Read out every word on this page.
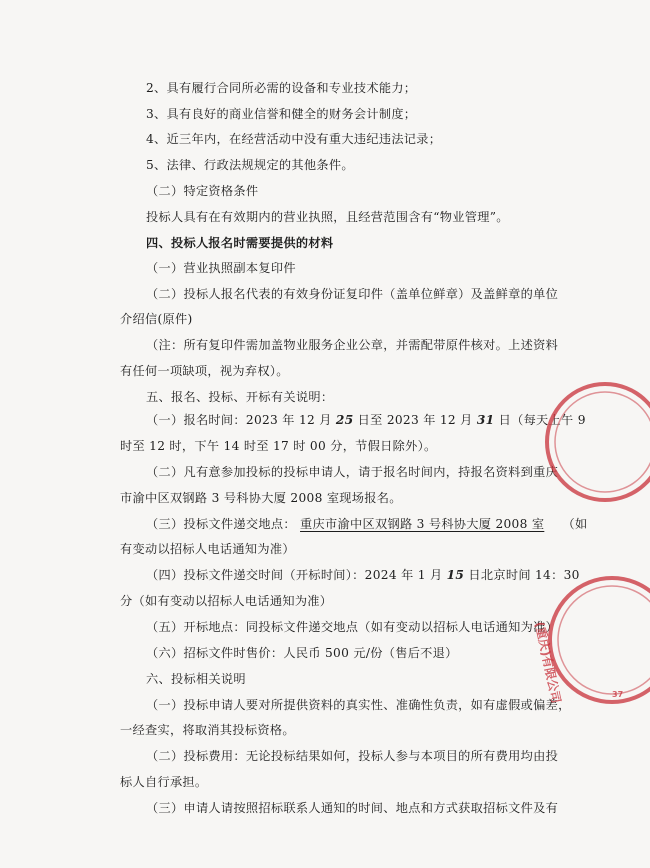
2、具有履行合同所必需的设备和专业技术能力；
3、具有良好的商业信誉和健全的财务会计制度；
4、近三年内，在经营活动中没有重大违纪违法记录；
5、法律、行政法规规定的其他条件。
（二）特定资格条件
投标人具有在有效期内的营业执照，且经营范围含有“物业管理”。
四、投标人报名时需要提供的材料
（一）营业执照副本复印件
（二）投标人报名代表的有效身份证复印件（盖单位鲜章）及盖鲜章的单位
介绍信(原件)
（注：所有复印件需加盖物业服务企业公章，并需配带原件核对。上述资料
有任何一项缺项，视为弃权）。
五、报名、投标、开标有关说明：
（一）报名时间：2023 年 12 月 25 日至 2023 年 12 月 31 日（每天上午 9
时至 12 时，下午 14 时至 17 时 00 分，节假日除外）。
（二）凡有意参加投标的投标申请人，请于报名时间内，持报名资料到重庆
市渝中区双钢路 3 号科协大厦 2008 室现场报名。
（三）投标文件递交地点： 重庆市渝中区双钢路 3 号科协大厦 2008 室 （如
有变动以招标人电话通知为准）
（四）投标文件递交时间（开标时间）：2024 年 1 月 15 日北京时间 14：30
分（如有变动以招标人电话通知为准）
（五）开标地点：同投标文件递交地点（如有变动以招标人电话通知为准）
（六）招标文件时售价：人民币 500 元/份（售后不退）
六、投标相关说明
（一）投标申请人要对所提供资料的真实性、准确性负责，如有虚假或偏差，
一经查实，将取消其投标资格。
（二）投标费用：无论投标结果如何，投标人参与本项目的所有费用均由投
标人自行承担。
（三）申请人请按照招标联系人通知的时间、地点和方式获取招标文件及有
(重庆)有限公司	37
